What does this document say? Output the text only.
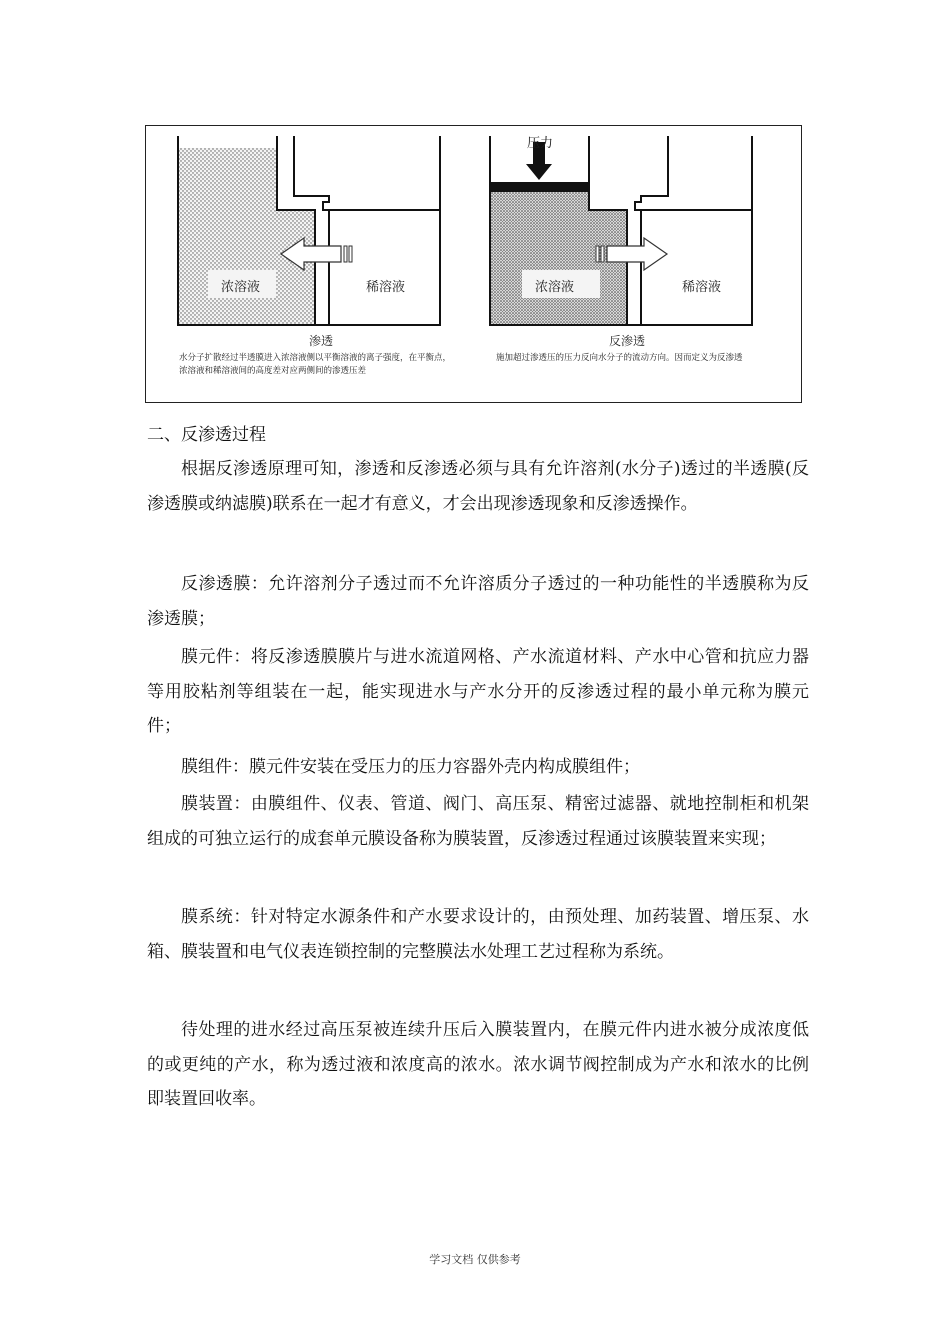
浓溶液	稀溶液
渗透
水分子扩散经过半透膜进入浓溶液侧以平衡溶液的离子强度，在平衡点，浓溶液和稀溶液间的高度差对应两侧间的渗透压差
压力
浓溶液	稀溶液
反渗透
施加超过渗透压的压力反向水分子的流动方向。因而定义为反渗透
二、反渗透过程

根据反渗透原理可知，渗透和反渗透必须与具有允许溶剂(水分子)透过的半透膜(反渗透膜或纳滤膜)联系在一起才有意义，才会出现渗透现象和反渗透操作。

反渗透膜：允许溶剂分子透过而不允许溶质分子透过的一种功能性的半透膜称为反渗透膜；

膜元件：将反渗透膜膜片与进水流道网格、产水流道材料、产水中心管和抗应力器等用胶粘剂等组装在一起，能实现进水与产水分开的反渗透过程的最小单元称为膜元件；

膜组件：膜元件安装在受压力的压力容器外壳内构成膜组件；

膜装置：由膜组件、仪表、管道、阀门、高压泵、精密过滤器、就地控制柜和机架组成的可独立运行的成套单元膜设备称为膜装置，反渗透过程通过该膜装置来实现；

膜系统：针对特定水源条件和产水要求设计的，由预处理、加药装置、增压泵、水箱、膜装置和电气仪表连锁控制的完整膜法水处理工艺过程称为系统。

待处理的进水经过高压泵被连续升压后入膜装置内，在膜元件内进水被分成浓度低的或更纯的产水，称为透过液和浓度高的浓水。浓水调节阀控制成为产水和浓水的比例即装置回收率。

学习文档 仅供参考
